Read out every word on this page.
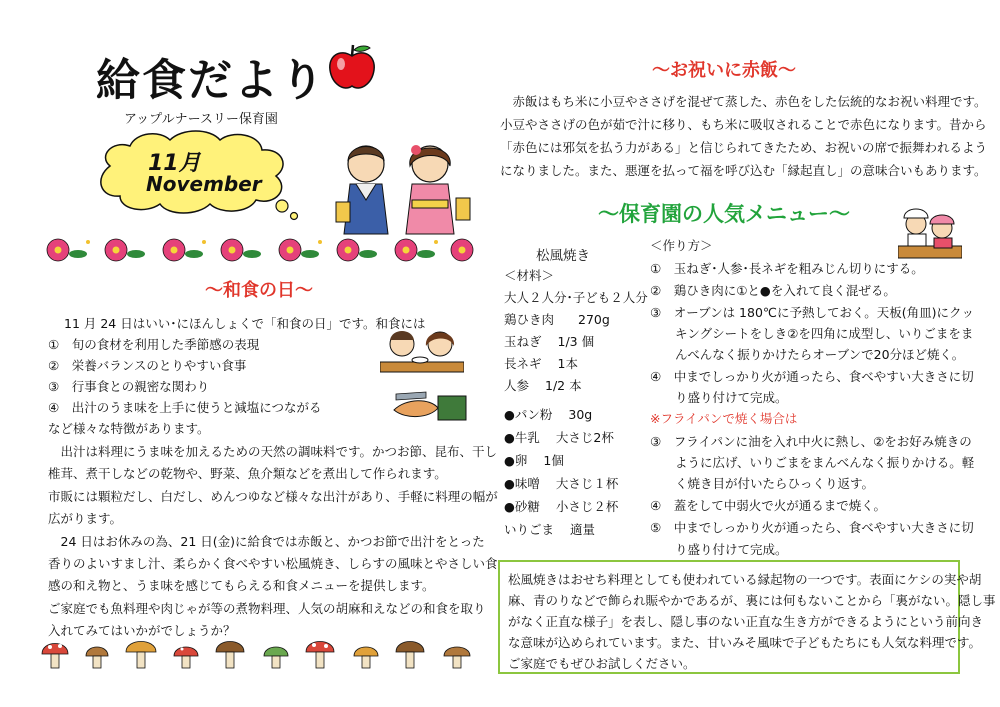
給食だより
アップルナースリー保育園
11月
November
～和食の日～
11 月 24 日はいい･にほんしょくで「和食の日」です。和食には
①　旬の食材を利用した季節感の表現
②　栄養バランスのとりやすい食事
③　行事食との親密な関わり
④　出汁のうま味を上手に使うと減塩につながる
など様々な特徴があります。
　出汁は料理にうま味を加えるための天然の調味料です。かつお節、昆布、干し
椎茸、煮干しなどの乾物や、野菜、魚介類などを煮出して作られます。
市販には顆粒だし、白だし、めんつゆなど様々な出汁があり、手軽に料理の幅が
広がります。
　24 日はお休みの為、21 日(金)に給食では赤飯と、かつお節で出汁をとった
香りのよいすまし汁、柔らかく食べやすい松風焼き、しらすの風味とやさしい食
感の和え物と、うま味を感じてもらえる和食メニューを提供します。
ご家庭でも魚料理や肉じゃが等の煮物料理、人気の胡麻和えなどの和食を取り
入れてみてはいかがでしょうか？
～お祝いに赤飯～
　赤飯はもち米に小豆やささげを混ぜて蒸した、赤色をした伝統的なお祝い料理です。
小豆やささげの色が茹で汁に移り、もち米に吸収されることで赤色になります。昔から
「赤色には邪気を払う力がある」と信じられてきたため、お祝いの席で振舞われるよう
になりました。また、悪運を払って福を呼び込む「縁起直し」の意味合いもあります。
～保育園の人気メニュー～
松風焼き
＜材料＞
大人２人分･子ども２人分
鶏ひき肉 270g
玉ねぎ 1/3 個
長ネギ 1本
人参 1/2 本
●パン粉 30g
●牛乳 大さじ2杯
●卵 1個
●味噌 大さじ１杯
●砂糖 小さじ２杯
いりごま 適量
＜作り方＞
①　玉ねぎ･人参･長ネギを粗みじん切りにする。
②　鶏ひき肉に①と●を入れて良く混ぜる。
③　オーブンは 180℃に予熱しておく。天板(角皿)にクッ
　　キングシートをしき②を四角に成型し、いりごまをま
　　んべんなく振りかけたらオーブンで20分ほど焼く。
④　中までしっかり火が通ったら、食べやすい大きさに切
　　り盛り付けて完成。
※フライパンで焼く場合は
③　フライパンに油を入れ中火に熱し、②をお好み焼きの
　　ように広げ、いりごまをまんべんなく振りかける。軽
　　く焼き目が付いたらひっくり返す。
④　蓋をして中弱火で火が通るまで焼く。
⑤　中までしっかり火が通ったら、食べやすい大きさに切
　　り盛り付けて完成。
松風焼きはおせち料理としても使われている縁起物の一つです。表面にケシの実や胡
麻、青のりなどで飾られ賑やかであるが、裏には何もないことから「裏がない。隠し事
がなく正直な様子」を表し、隠し事のない正直な生き方ができるようにという前向き
な意味が込められています。また、甘いみそ風味で子どもたちにも人気な料理です。
ご家庭でもぜひお試しください。
